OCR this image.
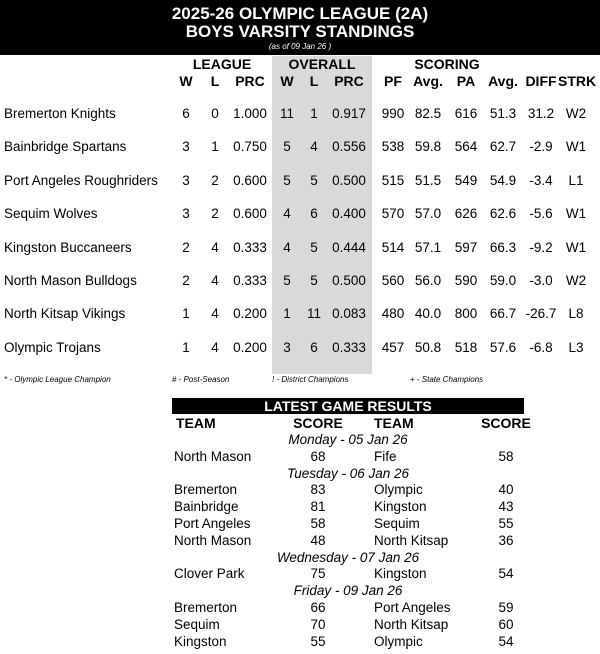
2025-26 OLYMPIC LEAGUE (2A)
BOYS VARSITY STANDINGS
(as of 09 Jan 26 )
LEAGUE	OVERALL	SCORING
W	L	PRC	W	L	PRC	PF Avg. PA Avg. DIFF STRK
Bremerton Knights	6	0	1.000 11	1	0.917	990 82.5	616 51.3 31.2 W2
Bainbridge Spartans	3	1	0.750	5	4	0.556	538 59.8	564 62.7 -2.9 W1
Port Angeles Roughriders	3	2	0.600	5	5	0.500	515 51.5	549 54.9 -3.4	L1
Sequim Wolves	3	2	0.600	4	6	0.400	570 57.0	626 62.6 -5.6 W1
Kingston Buccaneers	2	4	0.333	4	5	0.444	514 57.1	597 66.3 -9.2 W1
North Mason Bulldogs	2	4	0.333	5	5	0.500	560 56.0	590 59.0 -3.0 W2
North Kitsap Vikings	1	4	0.200	1	11 0.083	480 40.0	800 66.7 -26.7 L8
Olympic Trojans	1	4	0.200	3	6	0.333	457 50.8	518 57.6 -6.8	L3
* - Olympic League Champion	# - Post-Season	! - District Champions	+ - State Champions
LATEST GAME RESULTS
TEAM	SCORE	TEAM	SCORE
Monday - 05 Jan 26
North Mason	68	Fife	58
Tuesday - 06 Jan 26
Bremerton	83	Olympic	40
Bainbridge	81	Kingston	43
Port Angeles	58	Sequim	55
North Mason	48	North Kitsap	36
Wednesday - 07 Jan 26
Clover Park	75	Kingston	54
Friday - 09 Jan 26
Bremerton	66	Port Angeles	59
Sequim	70	North Kitsap	60
Kingston	55	Olympic	54
